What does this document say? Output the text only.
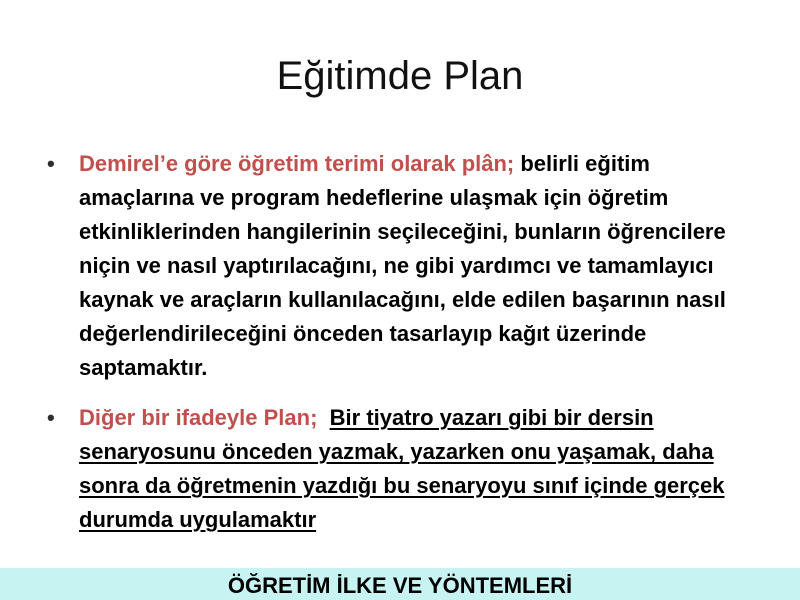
Eğitimde Plan
•	Demirel’e göre öğretim terimi olarak plân; belirli eğitim amaçlarına ve program hedeflerine ulaşmak için öğretim etkinliklerinden hangilerinin seçileceğini, bunların öğrencilere niçin ve nasıl yaptırılacağını, ne gibi yardımcı ve tamamlayıcı kaynak ve araçların kullanılacağını, elde edilen başarının nasıl değerlendirileceğini önceden tasarlayıp kağıt üzerinde saptamaktır.
•	Diğer bir ifadeyle Plan; Bir tiyatro yazarı gibi bir dersin senaryosunu önceden yazmak, yazarken onu yaşamak, daha sonra da öğretmenin yazdığı bu senaryoyu sınıf içinde gerçek durumda uygulamaktır
ÖĞRETİM İLKE VE YÖNTEMLERİ
